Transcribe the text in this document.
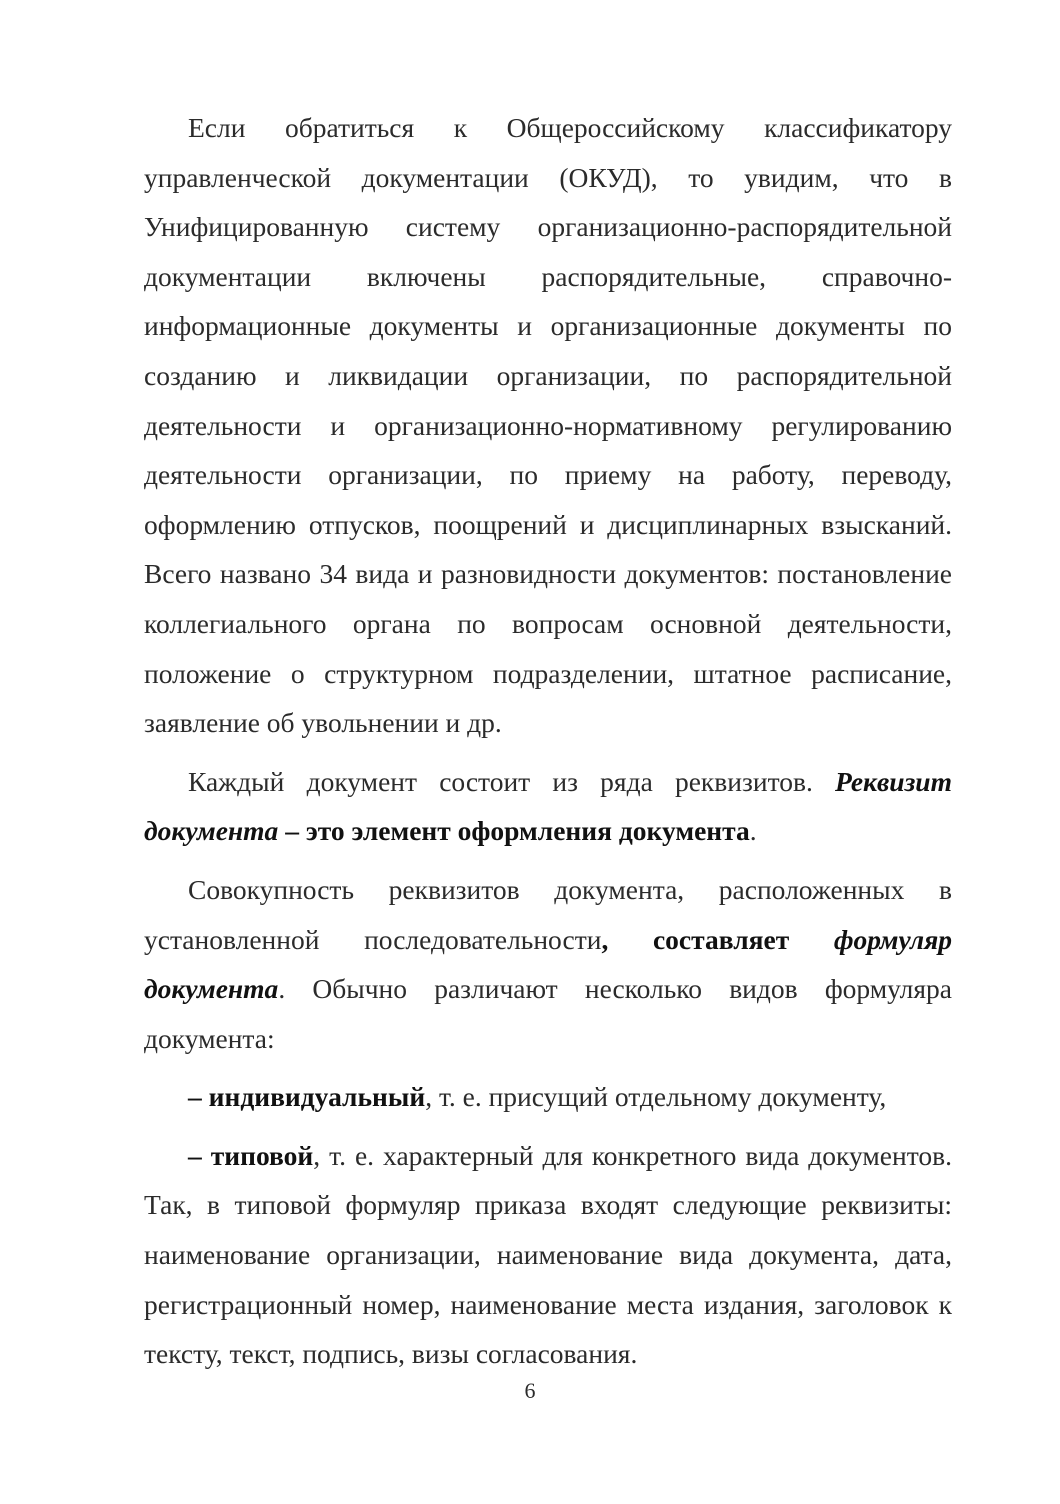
Если обратиться к Общероссийскому классификатору управленческой документации (ОКУД), то увидим, что в Унифицированную систему организационно-распорядительной документации включены распорядительные, справочно-информационные документы и организационные документы по созданию и ликвидации организации, по распорядительной деятельности и организационно-нормативному регулированию деятельности организации, по приему на работу, переводу, оформлению отпусков, поощрений и дисциплинарных взысканий. Всего названо 34 вида и разновидности документов: постановление коллегиального органа по вопросам основной деятельности, положение о структурном подразделении, штатное расписание, заявление об увольнении и др.

Каждый документ состоит из ряда реквизитов. Реквизит документа – это элемент оформления документа.

Совокупность реквизитов документа, расположенных в установленной последовательности, составляет формуляр документа. Обычно различают несколько видов формуляра документа:

– индивидуальный, т. е. присущий отдельному документу,

– типовой, т. е. характерный для конкретного вида документов. Так, в типовой формуляр приказа входят следующие реквизиты: наименование организации, наименование вида документа, дата, регистрационный номер, наименование места издания, заголовок к тексту, текст, подпись, визы согласования.

6
